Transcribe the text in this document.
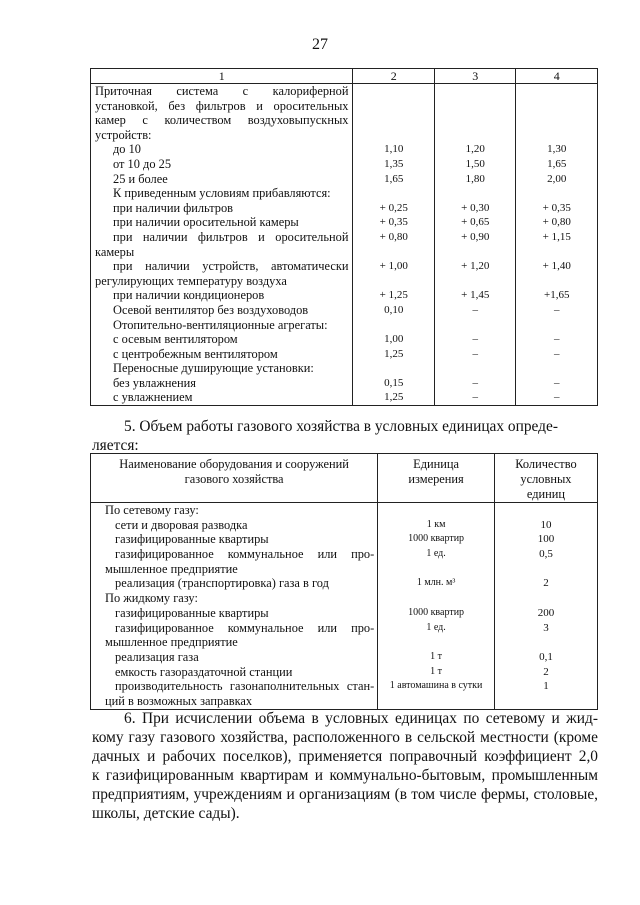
27
1	2	3	4

Приточная система с калориферной			

установкой, без фильтров и оросительных			

камер с количеством воздуховыпускных			

устройств:			

до 10	1,10	1,20	1,30

от 10 до 25	1,35	1,50	1,65

25 и более	1,65	1,80	2,00

К приведенным условиям прибавляются:			

при наличии фильтров	+ 0,25	+ 0,30	+ 0,35

при наличии оросительной камеры	+ 0,35	+ 0,65	+ 0,80

при наличии фильтров и оросительной	+ 0,80	+ 0,90	+ 1,15

камеры			

при наличии устройств, автоматически	+ 1,00	+ 1,20	+ 1,40

регулирующих температуру воздуха			

при наличии кондиционеров	+ 1,25	+ 1,45	+1,65

Осевой вентилятор без воздуховодов	0,10	–	–

Отопительно-вентиляционные агрегаты:			

с осевым вентилятором	1,00	–	–

с центробежным вентилятором	1,25	–	–

Переносные душирующие установки:			

без увлажнения	0,15	–	–

с увлажнением	1,25	–	–
5. Объем работы газового хозяйства в условных единицах опреде-
ляется:
Наименование оборудования и сооружений газового хозяйства	Единица измерения	Количество условных единиц

По сетевому газу:		

сети и дворовая разводка	1 км	10

газифицированные квартиры	1000 квартир	100

газифицированное коммунальное или про-	1 ед.	0,5

мышленное предприятие		

реализация (транспортировка) газа в год	1 млн. м³	2

По жидкому газу:		

газифицированные квартиры	1000 квартир	200

газифицированное коммунальное или про-	1 ед.	3

мышленное предприятие		

реализация газа	1 т	0,1

емкость газораздаточной станции	1 т	2

производительность газонаполнительных стан-	1 автомашина в сутки	1

ций в возможных заправках		

6. При исчислении объема в условных единицах по сетевому и жид-
кому газу газового хозяйства, расположенного в сельской местности (кроме
дачных и рабочих поселков), применяется поправочный коэффициент 2,0
к газифицированным квартирам и коммунально-бытовым, промышленным
предприятиям, учреждениям и организациям (в том числе фермы, столовые,
школы, детские сады).
